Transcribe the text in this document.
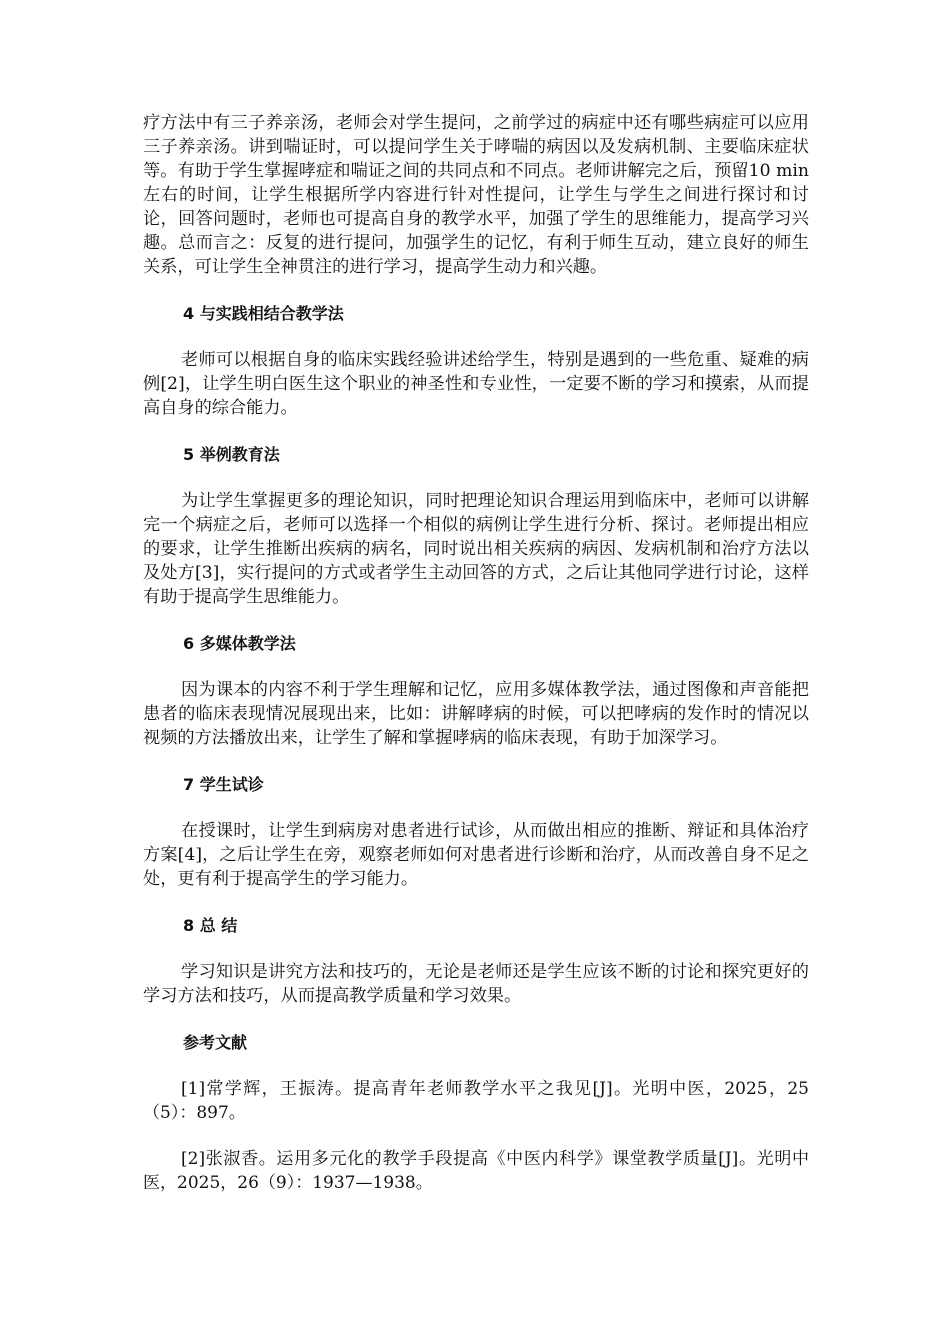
疗方法中有三子养亲汤，老师会对学生提问，之前学过的病症中还有哪些病症可以应用三子养亲汤。讲到喘证时，可以提问学生关于哮喘的病因以及发病机制、主要临床症状等。有助于学生掌握哮症和喘证之间的共同点和不同点。老师讲解完之后，预留10 min左右的时间，让学生根据所学内容进行针对性提问，让学生与学生之间进行探讨和讨论，回答问题时，老师也可提高自身的教学水平，加强了学生的思维能力，提高学习兴趣。总而言之：反复的进行提问，加强学生的记忆，有利于师生互动，建立良好的师生关系，可让学生全神贯注的进行学习，提高学生动力和兴趣。

4 与实践相结合教学法

老师可以根据自身的临床实践经验讲述给学生，特别是遇到的一些危重、疑难的病例[2]，让学生明白医生这个职业的神圣性和专业性，一定要不断的学习和摸索，从而提高自身的综合能力。

5 举例教育法

为让学生掌握更多的理论知识，同时把理论知识合理运用到临床中，老师可以讲解完一个病症之后，老师可以选择一个相似的病例让学生进行分析、探讨。老师提出相应的要求，让学生推断出疾病的病名，同时说出相关疾病的病因、发病机制和治疗方法以及处方[3]，实行提问的方式或者学生主动回答的方式，之后让其他同学进行讨论，这样有助于提高学生思维能力。

6 多媒体教学法

因为课本的内容不利于学生理解和记忆，应用多媒体教学法，通过图像和声音能把患者的临床表现情况展现出来，比如：讲解哮病的时候，可以把哮病的发作时的情况以视频的方法播放出来，让学生了解和掌握哮病的临床表现，有助于加深学习。

7 学生试诊

在授课时，让学生到病房对患者进行试诊，从而做出相应的推断、辩证和具体治疗方案[4]，之后让学生在旁，观察老师如何对患者进行诊断和治疗，从而改善自身不足之处，更有利于提高学生的学习能力。

8 总 结

学习知识是讲究方法和技巧的，无论是老师还是学生应该不断的讨论和探究更好的学习方法和技巧，从而提高教学质量和学习效果。

参考文献

[1]常学辉，王振涛。提高青年老师教学水平之我见[J]。光明中医，2025，25（5）：897。

[2]张淑香。运用多元化的教学手段提高《中医内科学》课堂教学质量[J]。光明中医，2025，26（9）：1937—1938。
